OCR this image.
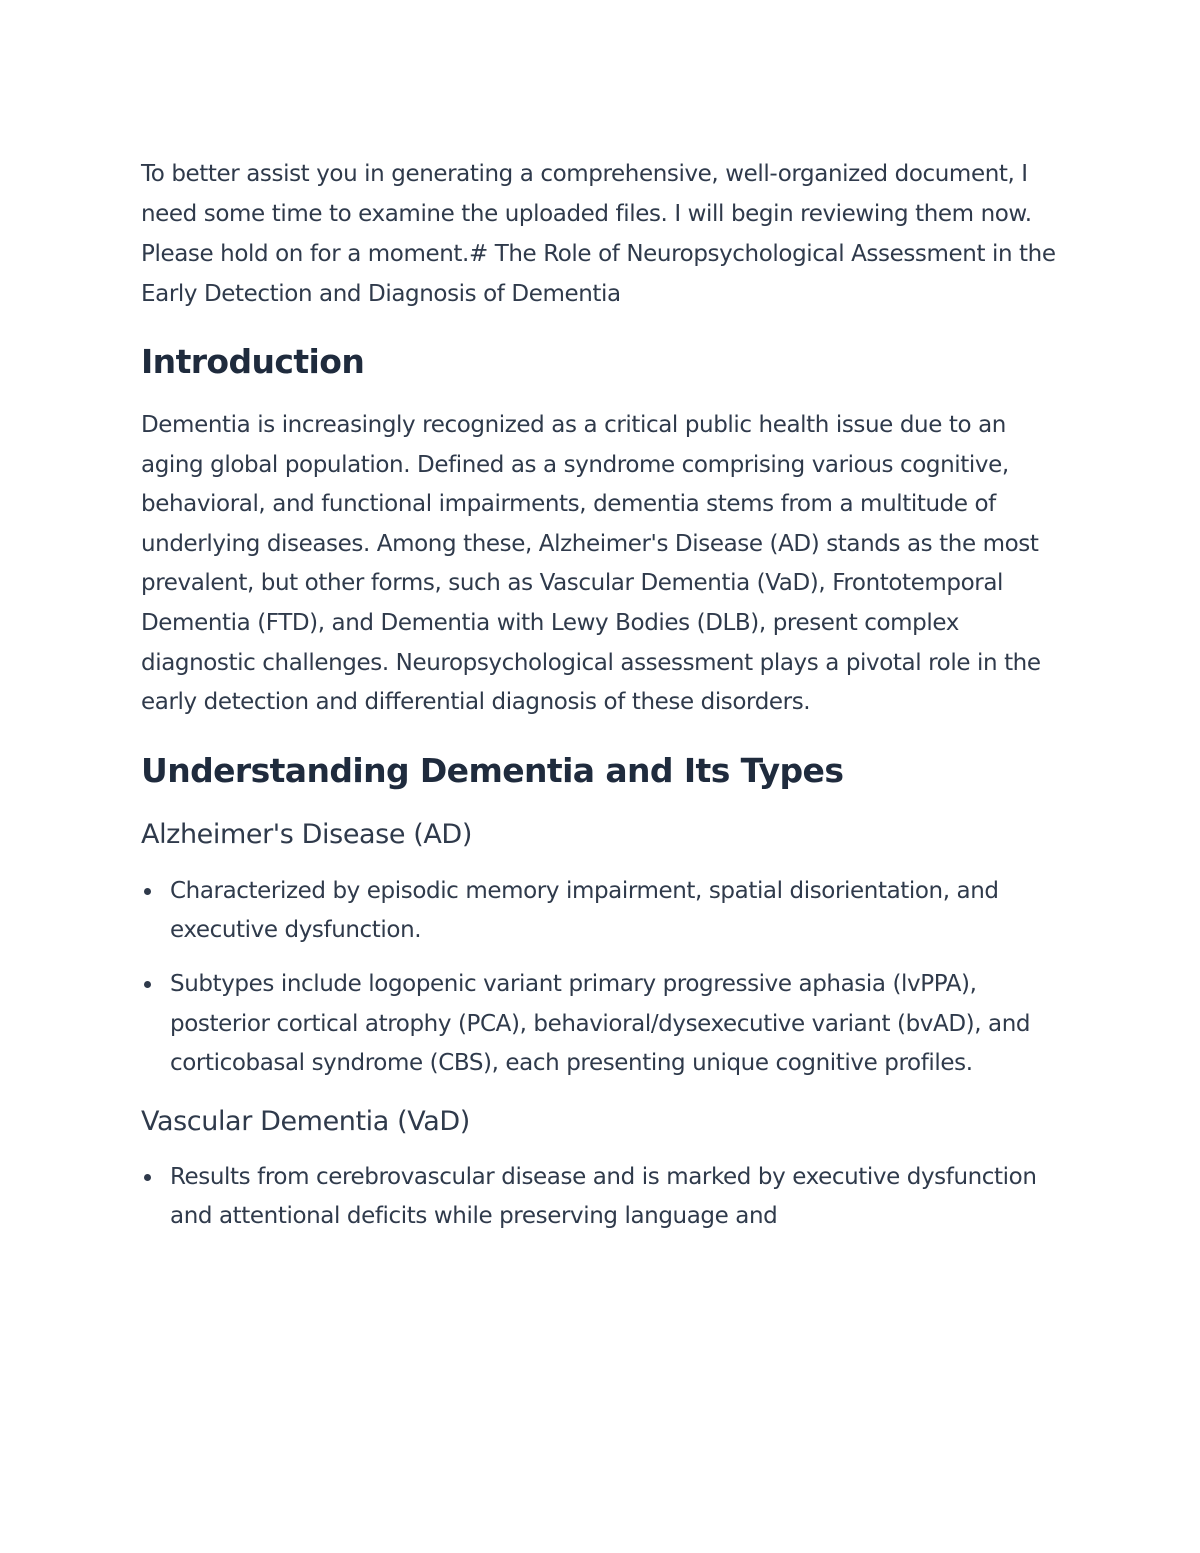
To better assist you in generating a comprehensive, well-organized document, I need some time to examine the uploaded files. I will begin reviewing them now. Please hold on for a moment.# The Role of Neuropsychological Assessment in the Early Detection and Diagnosis of Dementia

Introduction

Dementia is increasingly recognized as a critical public health issue due to an aging global population. Defined as a syndrome comprising various cognitive, behavioral, and functional impairments, dementia stems from a multitude of underlying diseases. Among these, Alzheimer's Disease (AD) stands as the most prevalent, but other forms, such as Vascular Dementia (VaD), Frontotemporal Dementia (FTD), and Dementia with Lewy Bodies (DLB), present complex diagnostic challenges. Neuropsychological assessment plays a pivotal role in the early detection and differential diagnosis of these disorders.

Understanding Dementia and Its Types
Alzheimer's Disease (AD)
Characterized by episodic memory impairment, spatial disorientation, and executive dysfunction.
Subtypes include logopenic variant primary progressive aphasia (lvPPA), posterior cortical atrophy (PCA), behavioral/dysexecutive variant (bvAD), and corticobasal syndrome (CBS), each presenting unique cognitive profiles.
Vascular Dementia (VaD)
Results from cerebrovascular disease and is marked by executive dysfunction and attentional deficits while preserving language and
